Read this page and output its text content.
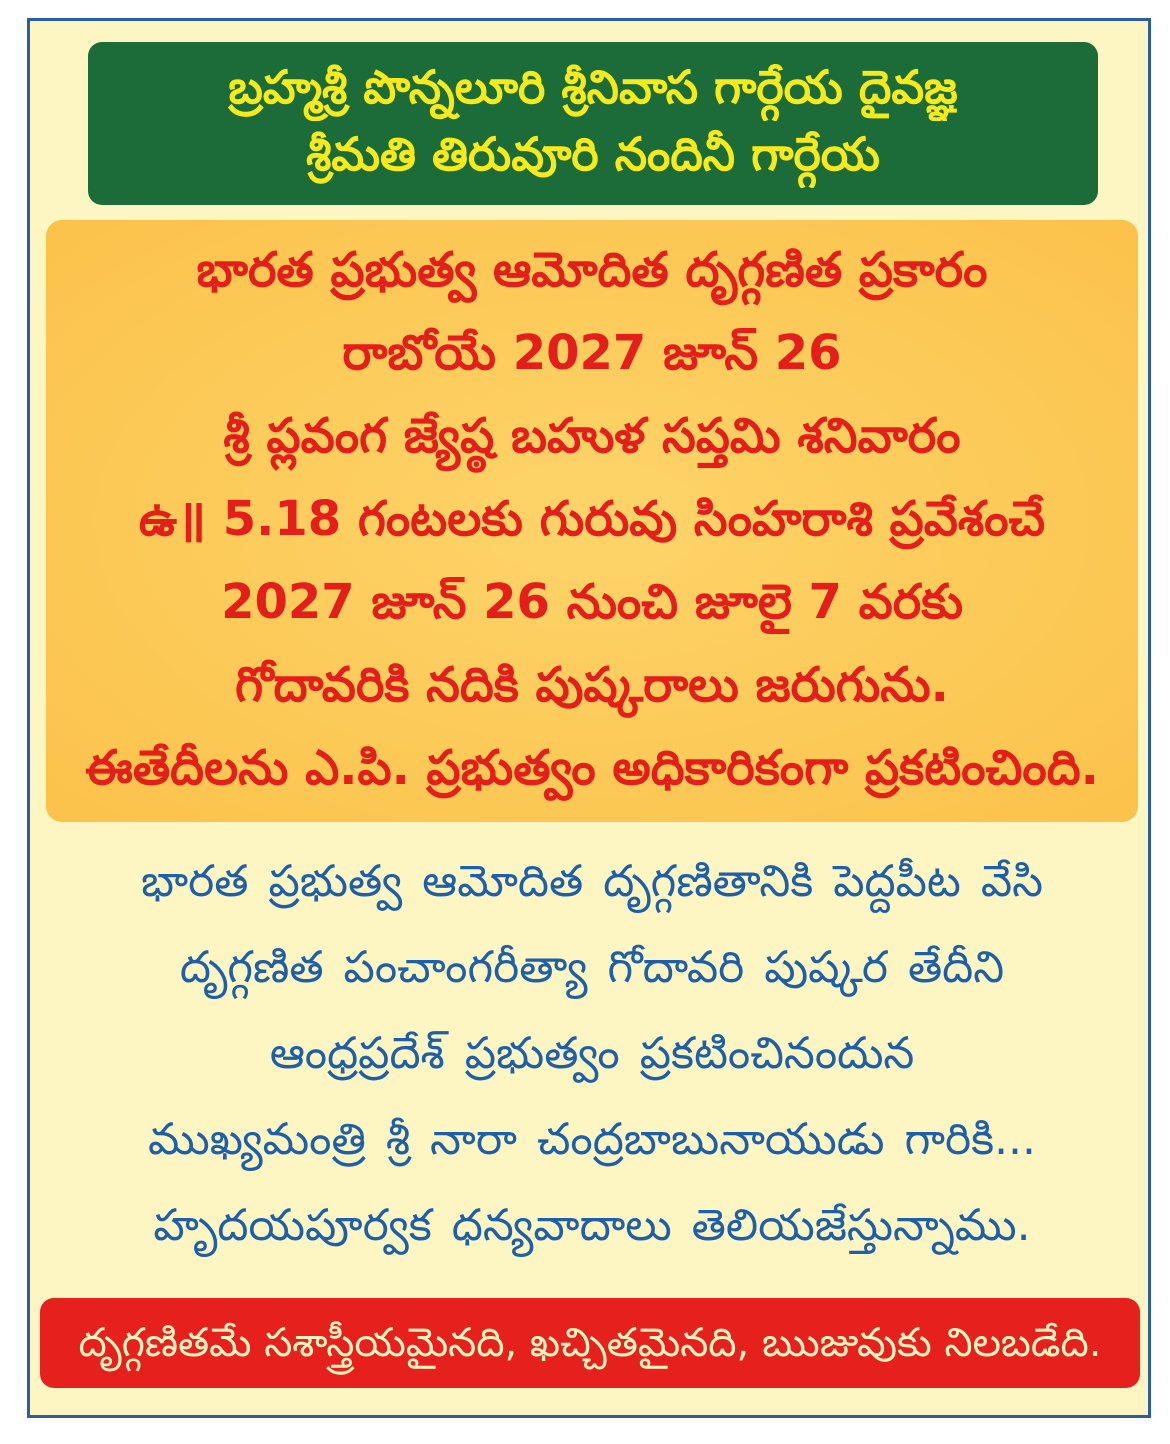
బ్రహ్మశ్రీ పొన్నలూరి శ్రీనివాస గార్గేయ దైవజ్ఞ
శ్రీమతి తిరువూరి నందినీ గార్గేయ
భారత ప్రభుత్వ ఆమోదిత దృగ్గణిత ప్రకారం
రాబోయే 2027 జూన్ 26
శ్రీ ప్లవంగ జ్యేష్ఠ బహుళ సప్తమి శనివారం
ఉ॥ 5.18 గంటలకు గురువు సింహరాశి ప్రవేశంచే
2027 జూన్ 26 నుంచి జూలై 7 వరకు
గోదావరికి నదికి పుష్కరాలు జరుగును.
ఈతేదీలను ఎ.పి. ప్రభుత్వం అధికారికంగా ప్రకటించింది.
భారత ప్రభుత్వ ఆమోదిత దృగ్గణితానికి పెద్దపీట వేసి
దృగ్గణిత పంచాంగరీత్యా గోదావరి పుష్కర తేదీని
ఆంధ్రప్రదేశ్ ప్రభుత్వం ప్రకటించినందున
ముఖ్యమంత్రి శ్రీ నారా చంద్రబాబునాయుడు గారికి...
హృదయపూర్వక ధన్యవాదాలు తెలియజేస్తున్నాము.
దృగ్గణితమే సశాస్త్రీయమైనది, ఖచ్చితమైనది, ఋజువుకు నిలబడేది.
